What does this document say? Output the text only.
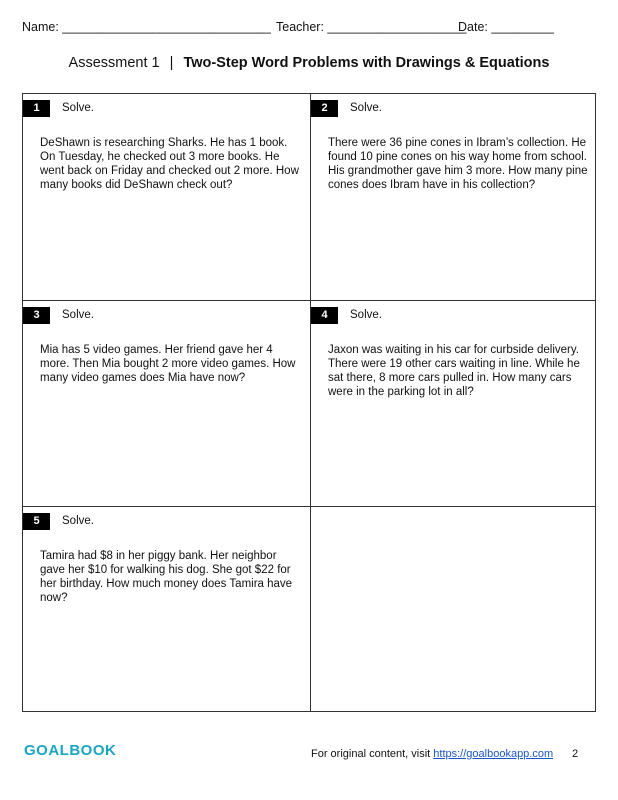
Name: ______________________________ Teacher: ____________________
Date: _________
Assessment 1 | Two-Step Word Problems with Drawings & Equations
1	Solve.
DeShawn is researching Sharks. He has 1 book. On Tuesday, he checked out 3 more books. He went back on Friday and checked out 2 more. How many books did DeShawn check out?
2	Solve.
There were 36 pine cones in Ibram’s collection. He found 10 pine cones on his way home from school. His grandmother gave him 3 more. How many pine cones does Ibram have in his collection?
3	Solve.
Mia has 5 video games. Her friend gave her 4 more. Then Mia bought 2 more video games. How many video games does Mia have now?
4	Solve.
Jaxon was waiting in his car for curbside delivery. There were 19 other cars waiting in line. While he sat there, 8 more cars pulled in. How many cars were in the parking lot in all?
5	Solve.
Tamira had $8 in her piggy bank. Her neighbor gave her $10 for walking his dog. She got $22 for her birthday. How much money does Tamira have now?
GOALBOOK	For original content, visit https://goalbookapp.com 2
